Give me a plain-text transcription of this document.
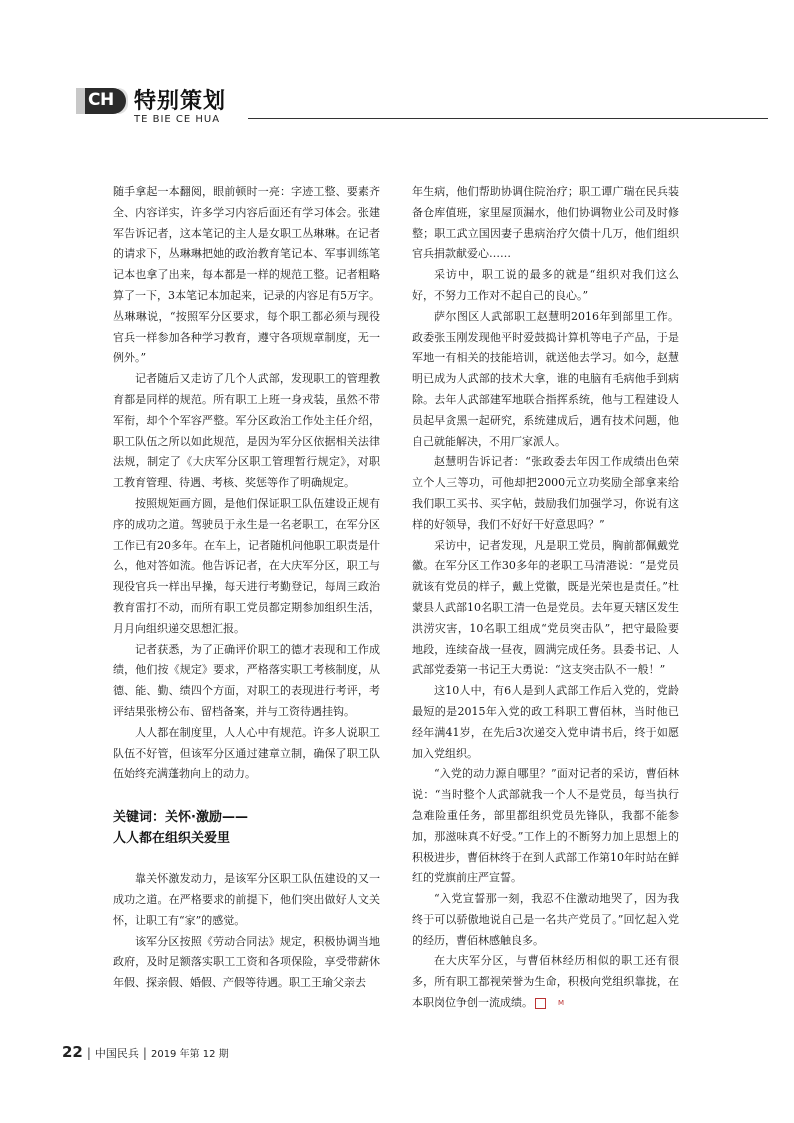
CH 特别策划
TE BIE CE HUA

随手拿起一本翻阅，眼前顿时一亮：字迹工整、要素齐全、内容详实，许多学习内容后面还有学习体会。张建军告诉记者，这本笔记的主人是女职工丛琳琳。在记者的请求下，丛琳琳把她的政治教育笔记本、军事训练笔记本也拿了出来，每本都是一样的规范工整。记者粗略算了一下，3本笔记本加起来，记录的内容足有5万字。丛琳琳说，“按照军分区要求，每个职工都必须与现役官兵一样参加各种学习教育，遵守各项规章制度，无一例外。”

记者随后又走访了几个人武部，发现职工的管理教育都是同样的规范。所有职工上班一身戎装，虽然不带军衔，却个个军容严整。军分区政治工作处主任介绍，职工队伍之所以如此规范，是因为军分区依据相关法律法规，制定了《大庆军分区职工管理暂行规定》，对职工教育管理、待遇、考核、奖惩等作了明确规定。

按照规矩画方圆，是他们保证职工队伍建设正规有序的成功之道。驾驶员于永生是一名老职工，在军分区工作已有20多年。在车上，记者随机问他职工职责是什么，他对答如流。他告诉记者，在大庆军分区，职工与现役官兵一样出早操，每天进行考勤登记，每周三政治教育雷打不动，而所有职工党员都定期参加组织生活，月月向组织递交思想汇报。

记者获悉，为了正确评价职工的德才表现和工作成绩，他们按《规定》要求，严格落实职工考核制度，从德、能、勤、绩四个方面，对职工的表现进行考评，考评结果张榜公布、留档备案，并与工资待遇挂钩。

人人都在制度里，人人心中有规范。许多人说职工队伍不好管，但该军分区通过建章立制，确保了职工队伍始终充满蓬勃向上的动力。

关键词：关怀·激励——
人人都在组织关爱里

靠关怀激发动力，是该军分区职工队伍建设的又一成功之道。在严格要求的前提下，他们突出做好人文关怀，让职工有“家”的感觉。

该军分区按照《劳动合同法》规定，积极协调当地政府，及时足额落实职工工资和各项保险，享受带薪休年假、探亲假、婚假、产假等待遇。职工王瑜父亲去

年生病，他们帮助协调住院治疗；职工谭广瑞在民兵装备仓库值班，家里屋顶漏水，他们协调物业公司及时修整；职工武立国因妻子患病治疗欠债十几万，他们组织官兵捐款献爱心……

采访中，职工说的最多的就是“组织对我们这么好，不努力工作对不起自己的良心。”

萨尔图区人武部职工赵慧明2016年到部里工作。政委张玉刚发现他平时爱鼓捣计算机等电子产品，于是军地一有相关的技能培训，就送他去学习。如今，赵慧明已成为人武部的技术大拿，谁的电脑有毛病他手到病除。去年人武部建军地联合指挥系统，他与工程建设人员起早贪黑一起研究，系统建成后，遇有技术问题，他自己就能解决，不用厂家派人。

赵慧明告诉记者：“张政委去年因工作成绩出色荣立个人三等功，可他却把2000元立功奖励全部拿来给我们职工买书、买字帖，鼓励我们加强学习，你说有这样的好领导，我们不好好干好意思吗？”

采访中，记者发现，凡是职工党员，胸前都佩戴党徽。在军分区工作30多年的老职工马清港说：“是党员就该有党员的样子，戴上党徽，既是光荣也是责任。”杜蒙县人武部10名职工清一色是党员。去年夏天辖区发生洪涝灾害，10名职工组成“党员突击队”，把守最险要地段，连续奋战一昼夜，圆满完成任务。县委书记、人武部党委第一书记王大勇说：“这支突击队不一般！”

这10人中，有6人是到人武部工作后入党的，党龄最短的是2015年入党的政工科职工曹佰林，当时他已经年满41岁，在先后3次递交入党申请书后，终于如愿加入党组织。

“入党的动力源自哪里？”面对记者的采访，曹佰林说：“当时整个人武部就我一个人不是党员，每当执行急难险重任务，部里都组织党员先锋队，我都不能参加，那滋味真不好受。”工作上的不断努力加上思想上的积极进步，曹佰林终于在到人武部工作第10年时站在鲜红的党旗前庄严宣誓。

“入党宣誓那一刻，我忍不住激动地哭了，因为我终于可以骄傲地说自己是一名共产党员了。”回忆起入党的经历，曹佰林感触良多。

在大庆军分区，与曹佰林经历相似的职工还有很多，所有职工都视荣誉为生命，积极向党组织靠拢，在本职岗位争创一流成绩。	M

22 | 中国民兵 | 2019 年第 12 期
